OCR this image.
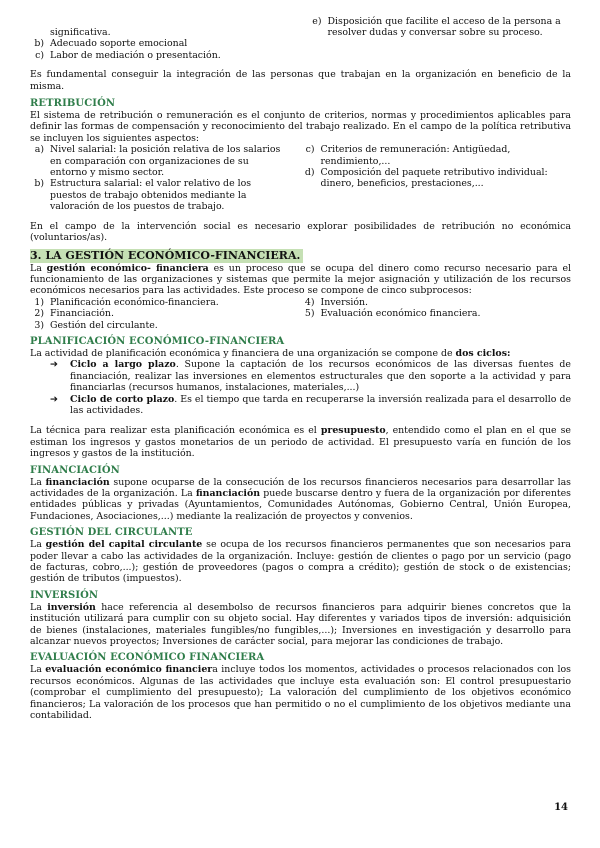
significativa.
b) Adecuado soporte emocional
c) Labor de mediación o presentación.
e) Disposición que facilite el acceso de la persona a resolver dudas y conversar sobre su proceso.

Es fundamental conseguir la integración de las personas que trabajan en la organización en beneficio de la misma.

RETRIBUCIÓN

El sistema de retribución o remuneración es el conjunto de criterios, normas y procedimientos aplicables para definir las formas de compensación y reconocimiento del trabajo realizado. En el campo de la política retributiva se incluyen los siguientes aspectos:

a) Nivel salarial: la posición relativa de los salarios en comparación con organizaciones de su entorno y mismo sector.
b) Estructura salarial: el valor relativo de los puestos de trabajo obtenidos mediante la valoración de los puestos de trabajo.
c) Criterios de remuneración: Antigüedad, rendimiento,...
d) Composición del paquete retributivo individual: dinero, beneficios, prestaciones,...

En el campo de la intervención social es necesario explorar posibilidades de retribución no económica (voluntarios/as).

3. LA GESTIÓN ECONÓMICO-FINANCIERA.

La gestión económico- financiera es un proceso que se ocupa del dinero como recurso necesario para el funcionamiento de las organizaciones y sistemas que permite la mejor asignación y utilización de los recursos económicos necesarios para las actividades. Este proceso se compone de cinco subprocesos:

1) Planificación económico-financiera.
2) Financiación.
3) Gestión del circulante.
4) Inversión.
5) Evaluación económico financiera.

PLANIFICACIÓN ECONÓMICO-FINANCIERA

La actividad de planificación económica y financiera de una organización se compone de dos ciclos:

➔	Ciclo a largo plazo. Supone la captación de los recursos económicos de las diversas fuentes de financiación, realizar las inversiones en elementos estructurales que den soporte a la actividad y para financiarlas (recursos humanos, instalaciones, materiales,...)
➔	Ciclo de corto plazo. Es el tiempo que tarda en recuperarse la inversión realizada para el desarrollo de las actividades.

La técnica para realizar esta planificación económica es el presupuesto, entendido como el plan en el que se estiman los ingresos y gastos monetarios de un periodo de actividad. El presupuesto varía en función de los ingresos y gastos de la institución.

FINANCIACIÓN

La financiación supone ocuparse de la consecución de los recursos financieros necesarios para desarrollar las actividades de la organización. La financiación puede buscarse dentro y fuera de la organización por diferentes entidades públicas y privadas (Ayuntamientos, Comunidades Autónomas, Gobierno Central, Unión Europea, Fundaciones, Asociaciones,...) mediante la realización de proyectos y convenios.

GESTIÓN DEL CIRCULANTE

La gestión del capital circulante se ocupa de los recursos financieros permanentes que son necesarios para poder llevar a cabo las actividades de la organización. Incluye: gestión de clientes o pago por un servicio (pago de facturas, cobro,...); gestión de proveedores (pagos o compra a crédito); gestión de stock o de existencias; gestión de tributos (impuestos).

INVERSIÓN

La inversión hace referencia al desembolso de recursos financieros para adquirir bienes concretos que la institución utilizará para cumplir con su objeto social. Hay diferentes y variados tipos de inversión: adquisición de bienes (instalaciones, materiales fungibles/no fungibles,...); Inversiones en investigación y desarrollo para alcanzar nuevos proyectos; Inversiones de carácter social, para mejorar las condiciones de trabajo.

EVALUACIÓN ECONÓMICO FINANCIERA

La evaluación económico financiera incluye todos los momentos, actividades o procesos relacionados con los recursos económicos. Algunas de las actividades que incluye esta evaluación son: El control presupuestario (comprobar el cumplimiento del presupuesto); La valoración del cumplimiento de los objetivos económico financieros; La valoración de los procesos que han permitido o no el cumplimiento de los objetivos mediante una contabilidad.

14
